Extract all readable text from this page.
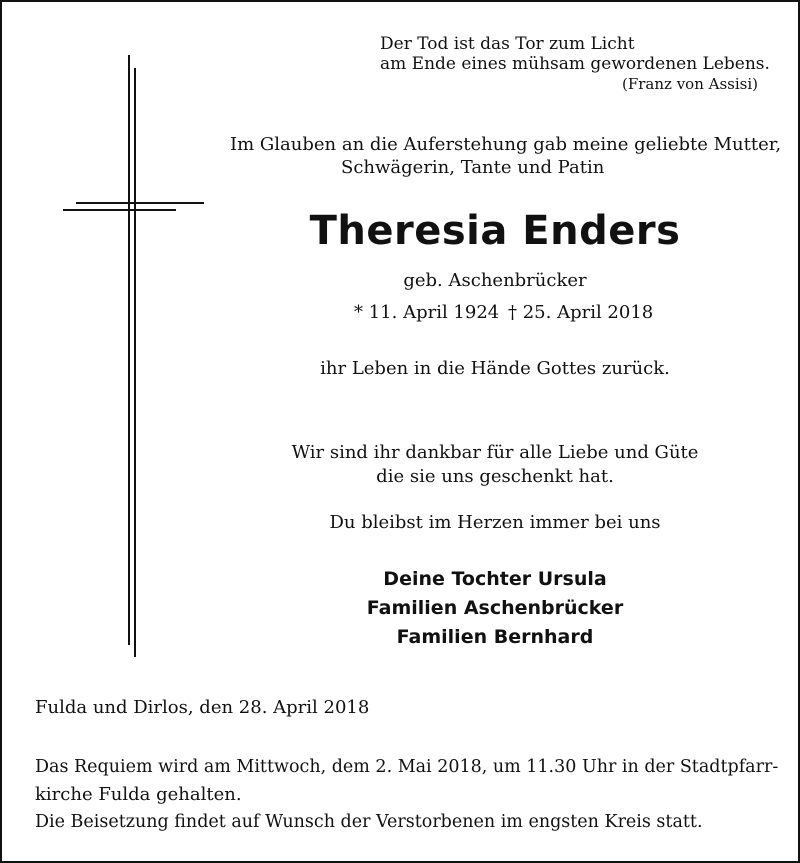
Der Tod ist das Tor zum Licht
am Ende eines mühsam gewordenen Lebens.
(Franz von Assisi)
Im Glauben an die Auferstehung gab meine geliebte Mutter,
Schwägerin, Tante und Patin
Theresia Enders
geb. Aschenbrücker
* 11. April 1924 † 25. April 2018
ihr Leben in die Hände Gottes zurück.
Wir sind ihr dankbar für alle Liebe und Güte
die sie uns geschenkt hat.
Du bleibst im Herzen immer bei uns
Deine Tochter Ursula
Familien Aschenbrücker
Familien Bernhard
Fulda und Dirlos, den 28. April 2018
Das Requiem wird am Mittwoch, dem 2. Mai 2018, um 11.30 Uhr in der Stadtpfarr-
kirche Fulda gehalten.
Die Beisetzung findet auf Wunsch der Verstorbenen im engsten Kreis statt.
